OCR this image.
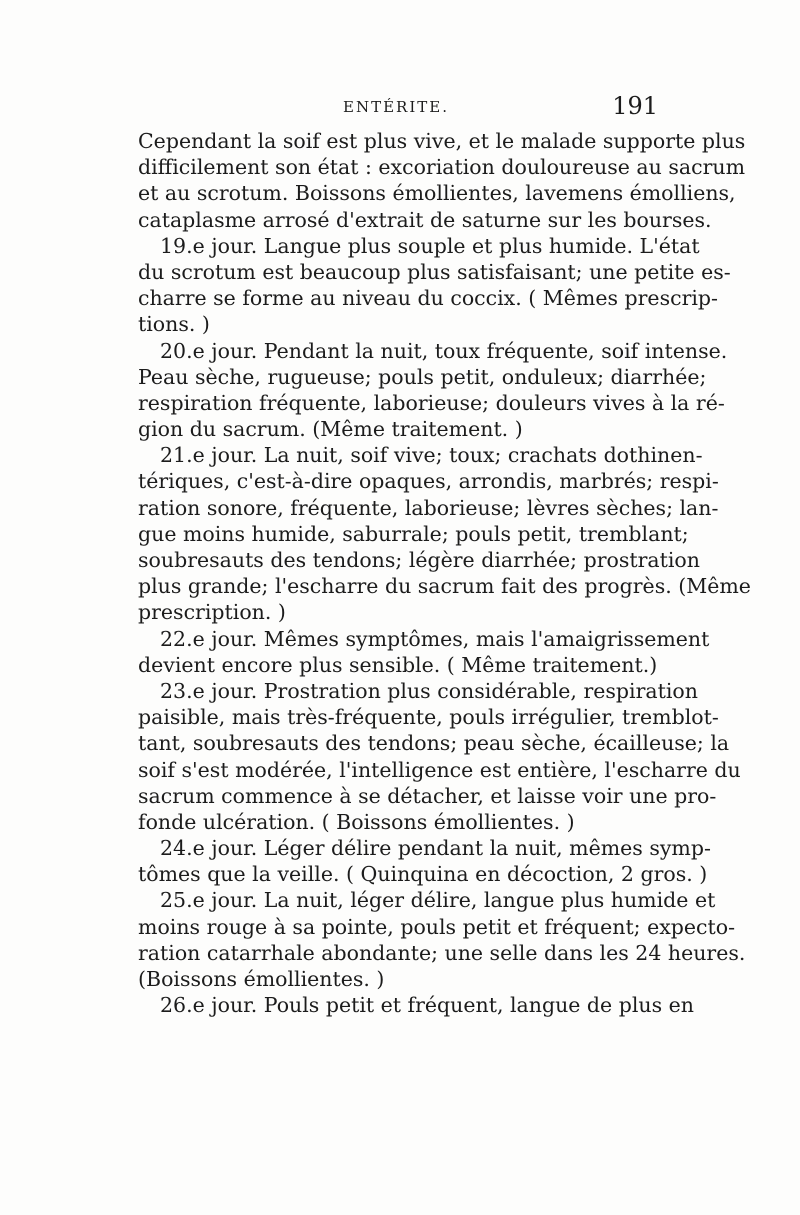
ENTÉRITE.	191
Cependant la soif est plus vive, et le malade supporte plus
difficilement son état : excoriation douloureuse au sacrum
et au scrotum. Boissons émollientes, lavemens émolliens,
cataplasme arrosé d'extrait de saturne sur les bourses.
19.e jour. Langue plus souple et plus humide. L'état
du scrotum est beaucoup plus satisfaisant; une petite es-
charre se forme au niveau du coccix. ( Mêmes prescrip-
tions. )
20.e jour. Pendant la nuit, toux fréquente, soif intense.
Peau sèche, rugueuse; pouls petit, onduleux; diarrhée;
respiration fréquente, laborieuse; douleurs vives à la ré-
gion du sacrum. (Même traitement. )
21.e jour. La nuit, soif vive; toux; crachats dothinen-
tériques, c'est-à-dire opaques, arrondis, marbrés; respi-
ration sonore, fréquente, laborieuse; lèvres sèches; lan-
gue moins humide, saburrale; pouls petit, tremblant;
soubresauts des tendons; légère diarrhée; prostration
plus grande; l'escharre du sacrum fait des progrès. (Même
prescription. )
22.e jour. Mêmes symptômes, mais l'amaigrissement
devient encore plus sensible. ( Même traitement.)
23.e jour. Prostration plus considérable, respiration
paisible, mais très-fréquente, pouls irrégulier, tremblot-
tant, soubresauts des tendons; peau sèche, écailleuse; la
soif s'est modérée, l'intelligence est entière, l'escharre du
sacrum commence à se détacher, et laisse voir une pro-
fonde ulcération. ( Boissons émollientes. )
24.e jour. Léger délire pendant la nuit, mêmes symp-
tômes que la veille. ( Quinquina en décoction, 2 gros. )
25.e jour. La nuit, léger délire, langue plus humide et
moins rouge à sa pointe, pouls petit et fréquent; expecto-
ration catarrhale abondante; une selle dans les 24 heures.
(Boissons émollientes. )
26.e jour. Pouls petit et fréquent, langue de plus en
